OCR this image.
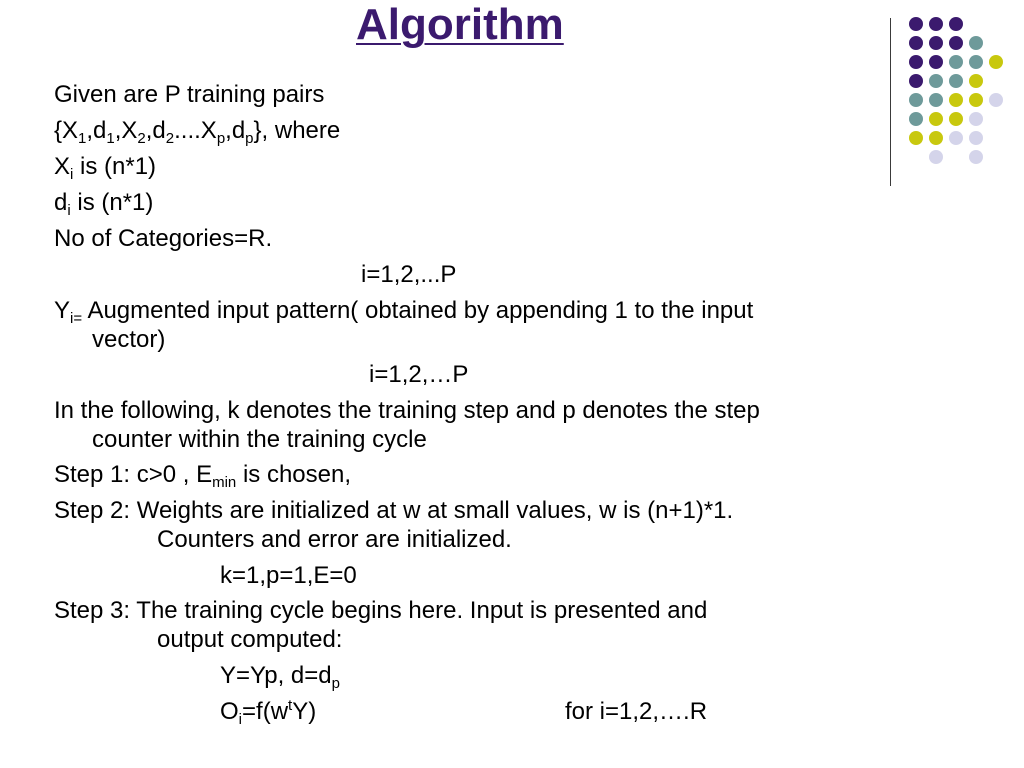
Algorithm
Given are P training pairs
$\{X_1,d_1,X_2,d_2....X_p,d_p\}$, where
$X_i$ is (n*1)
$d_i$ is (n*1)
No of Categories=R.
i=1,2,...P
$Y_{i=}$ Augmented input pattern( obtained by appending 1 to the input
vector)
i=1,2,…P
In the following, k denotes the training step and p denotes the step
counter within the training cycle
Step 1: c>0 , $E_{min}$ is chosen,
Step 2: Weights are initialized at w at small values, w is (n+1)*1.
Counters and error are initialized.
k=1,p=1,E=0
Step 3: The training cycle begins here. Input is presented and
output computed:
Y=Yp, $d=d_p$
$O_i=f(w^tY)$	for i=1,2,….R
